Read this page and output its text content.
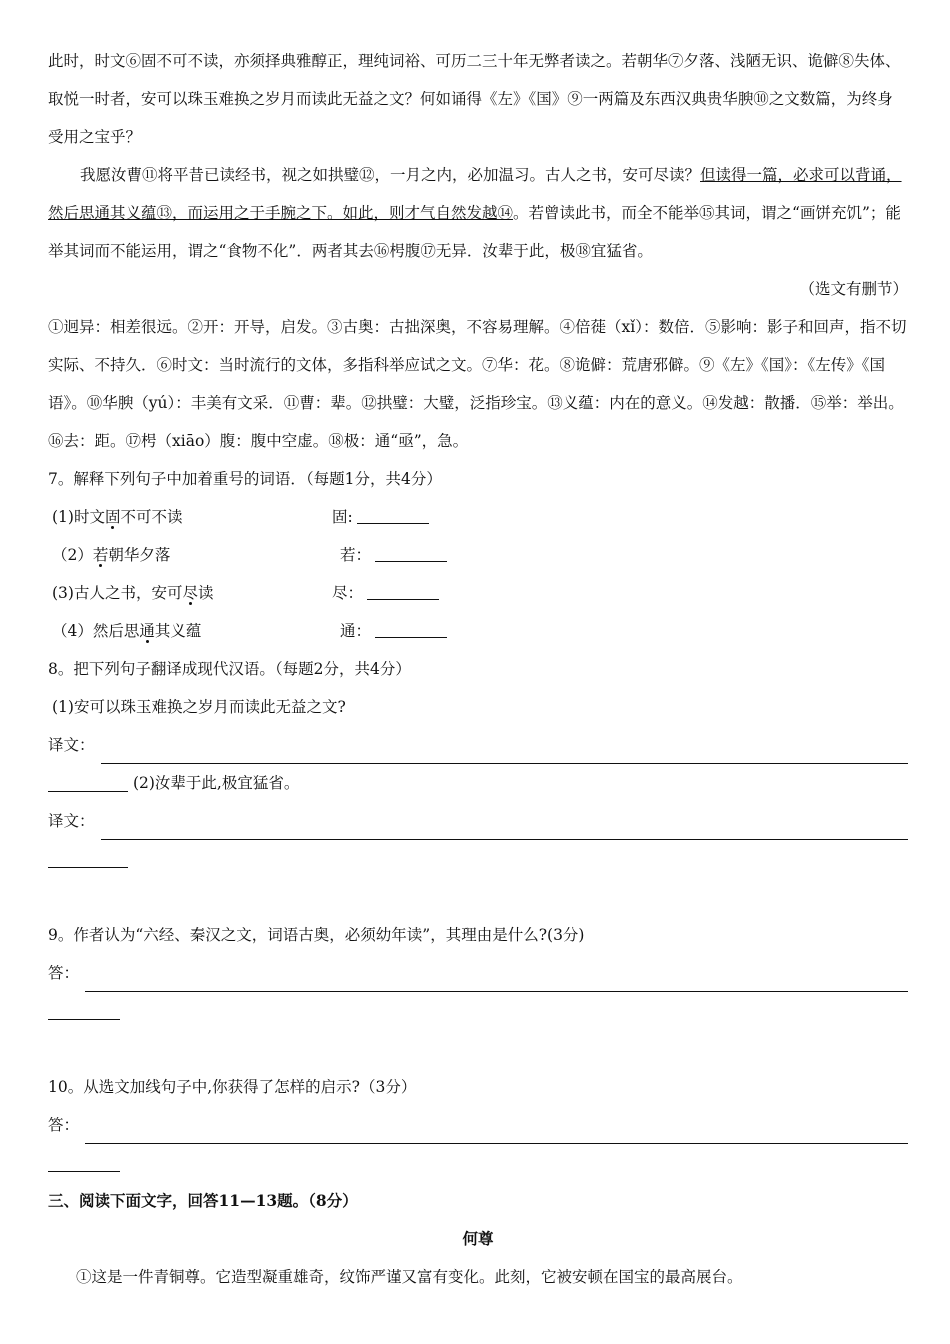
此时，时文⑥固不可不读，亦须择典雅醇正，理纯词裕、可历二三十年无弊者读之。若朝华⑦夕落、浅陋无识、诡僻⑧失体、取悦一时者，安可以珠玉难换之岁月而读此无益之文？何如诵得《左》《国》⑨一两篇及东西汉典贵华腴⑩之文数篇，为终身受用之宝乎？

我愿汝曹⑪将平昔已读经书，视之如拱璧⑫，一月之内，必加温习。古人之书，安可尽读？但读得一篇，必求可以背诵，然后思通其义蕴⑬，而运用之于手腕之下。如此，则才气自然发越⑭。若曾读此书，而全不能举⑮其词，谓之“画饼充饥”；能举其词而不能运用，谓之“食物不化”．两者其去⑯枵腹⑰无异．汝辈于此，极⑱宜猛省。

（选文有删节）

①迥异：相差很远。②开：开导，启发。③古奥：古拙深奥，不容易理解。④倍蓰（xǐ）：数倍．⑤影响：影子和回声，指不切实际、不持久．⑥时文：当时流行的文体，多指科举应试之文。⑦华：花。⑧诡僻：荒唐邪僻。⑨《左》《国》：《左传》《国语》。⑩华腴（yú）：丰美有文采．⑪曹：辈。⑫拱璧：大璧，泛指珍宝。⑬义蕴：内在的意义。⑭发越：散播．⑮举：举出。⑯去：距。⑰枵（xiāo）腹：腹中空虚。⑱极：通“亟”，急。

7。解释下列句子中加着重号的词语．（每题1分，共4分）

(1)时文固不可不读	固:
（2）若朝华夕落	若：
(3)古人之书，安可尽读	尽：
（4）然后思通其义蕴	通：

8。把下列句子翻译成现代汉语。（每题2分，共4分）

(1)安可以珠玉难换之岁月而读此无益之文?

译文：

(2)汝辈于此,极宜猛省。

译文：

9。作者认为“六经、秦汉之文，词语古奥，必须幼年读”，其理由是什么?(3分)

答：

10。从选文加线句子中,你获得了怎样的启示?（3分）

答：

三、阅读下面文字，回答11—13题。（8分）

何尊

①这是一件青铜尊。它造型凝重雄奇，纹饰严谨又富有变化。此刻，它被安顿在国宝的最高展台。
